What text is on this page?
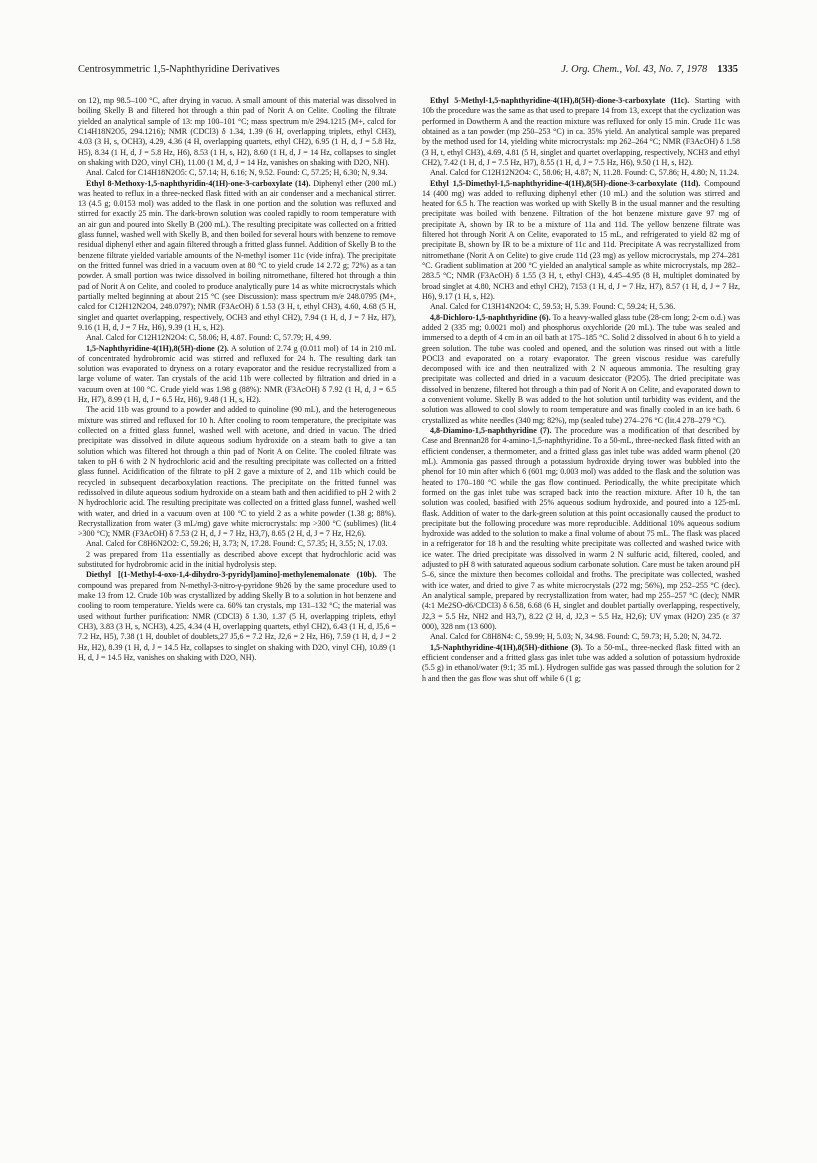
Centrosymmetric 1,5-Naphthyridine Derivatives	J. Org. Chem., Vol. 43, No. 7, 1978 1335

on 12), mp 98.5–100 °C, after drying in vacuo. A small amount of this material was dissolved in boiling Skelly B and filtered hot through a thin pad of Norit A on Celite. Cooling the filtrate yielded an analytical sample of 13: mp 100–101 °C; mass spectrum m/e 294.1215 (M+, calcd for C14H18N2O5, 294.1216); NMR (CDCl3) δ 1.34, 1.39 (6 H, overlapping triplets, ethyl CH3), 4.03 (3 H, s, OCH3), 4.29, 4.36 (4 H, overlapping quartets, ethyl CH2), 6.95 (1 H, d, J = 5.8 Hz, H5), 8.34 (1 H, d, J = 5.8 Hz, H6), 8.53 (1 H, s, H2), 8.60 (1 H, d, J = 14 Hz, collapses to singlet on shaking with D2O, vinyl CH), 11.00 (1 M, d, J = 14 Hz, vanishes on shaking with D2O, NH).

Anal. Calcd for C14H18N2O5: C, 57.14; H, 6.16; N, 9.52. Found: C, 57.25; H, 6.30; N, 9.34.

Ethyl 8-Methoxy-1,5-naphthyridin-4(1H)-one-3-carboxylate (14). Diphenyl ether (200 mL) was heated to reflux in a three-necked flask fitted with an air condenser and a mechanical stirrer. 13 (4.5 g; 0.0153 mol) was added to the flask in one portion and the solution was refluxed and stirred for exactly 25 min. The dark-brown solution was cooled rapidly to room temperature with an air gun and poured into Skelly B (200 mL). The resulting precipitate was collected on a fritted glass funnel, washed well with Skelly B, and then boiled for several hours with benzene to remove residual diphenyl ether and again filtered through a fritted glass funnel. Addition of Skelly B to the benzene filtrate yielded variable amounts of the N-methyl isomer 11c (vide infra). The precipitate on the fritted funnel was dried in a vacuum oven at 80 °C to yield crude 14 2.72 g; 72%) as a tan powder. A small portion was twice dissolved in boiling nitromethane, filtered hot through a thin pad of Norit A on Celite, and cooled to produce analytically pure 14 as white microcrystals which partially melted beginning at about 215 °C (see Discussion): mass spectrum m/e 248.0795 (M+, calcd for C12H12N2O4, 248.0797); NMR (F3AcOH) δ 1.53 (3 H, t, ethyl CH3), 4.60, 4.68 (5 H, singlet and quartet overlapping, respectively, OCH3 and ethyl CH2), 7.94 (1 H, d, J = 7 Hz, H7), 9.16 (1 H, d, J = 7 Hz, H6), 9.39 (1 H, s, H2).

Anal. Calcd for C12H12N2O4: C, 58.06; H, 4.87. Found: C, 57.79; H, 4.99.

1,5-Naphthyridine-4(1H),8(5H)-dione (2). A solution of 2.74 g (0.011 mol) of 14 in 210 mL of concentrated hydrobromic acid was stirred and refluxed for 24 h. The resulting dark tan solution was evaporated to dryness on a rotary evaporator and the residue recrystallized from a large volume of water. Tan crystals of the acid 11b were collected by filtration and dried in a vacuum oven at 100 °C. Crude yield was 1.98 g (88%): NMR (F3AcOH) δ 7.92 (1 H, d, J = 6.5 Hz, H7), 8.99 (1 H, d, J = 6.5 Hz, H6), 9.48 (1 H, s, H2).

The acid 11b was ground to a powder and added to quinoline (90 mL), and the heterogeneous mixture was stirred and refluxed for 10 h. After cooling to room temperature, the precipitate was collected on a fritted glass funnel, washed well with acetone, and dried in vacuo. The dried precipitate was dissolved in dilute aqueous sodium hydroxide on a steam bath to give a tan solution which was filtered hot through a thin pad of Norit A on Celite. The cooled filtrate was taken to pH 6 with 2 N hydrochloric acid and the resulting precipitate was collected on a fritted glass funnel. Acidification of the filtrate to pH 2 gave a mixture of 2, and 11b which could be recycled in subsequent decarboxylation reactions. The precipitate on the fritted funnel was redissolved in dilute aqueous sodium hydroxide on a steam bath and then acidified to pH 2 with 2 N hydrochloric acid. The resulting precipitate was collected on a fritted glass funnel, washed well with water, and dried in a vacuum oven at 100 °C to yield 2 as a white powder (1.38 g; 88%). Recrystallization from water (3 mL/mg) gave white microcrystals: mp >300 °C (sublimes) (lit.4 >300 °C); NMR (F3AcOH) δ 7.53 (2 H, d, J = 7 Hz, H3,7), 8.65 (2 H, d, J = 7 Hz, H2,6).

Anal. Calcd for C8H6N2O2: C, 59.26; H, 3.73; N, 17.28. Found: C, 57.35; H, 3.55; N, 17.03.

2 was prepared from 11a essentially as described above except that hydrochloric acid was substituted for hydrobromic acid in the initial hydrolysis step.

Diethyl [(1-Methyl-4-oxo-1,4-dihydro-3-pyridyl)amino]-methylenemalonate (10b). The compound was prepared from N-methyl-3-nitro-γ-pyridone 9b26 by the same procedure used to make 13 from 12. Crude 10b was crystallized by adding Skelly B to a solution in hot benzene and cooling to room temperature. Yields were ca. 60% tan crystals, mp 131–132 °C; the material was used without further purification: NMR (CDCl3) δ 1.30, 1.37 (5 H, overlapping triplets, ethyl CH3), 3.83 (3 H, s, NCH3), 4.25, 4.34 (4 H, overlapping quartets, ethyl CH2), 6.43 (1 H, d, J5,6 = 7.2 Hz, H5), 7.38 (1 H, doublet of doublets,27 J5,6 = 7.2 Hz, J2,6 = 2 Hz, H6), 7.59 (1 H, d, J = 2 Hz, H2), 8.39 (1 H, d, J = 14.5 Hz, collapses to singlet on shaking with D2O, vinyl CH), 10.89 (1 H, d, J = 14.5 Hz, vanishes on shaking with D2O, NH).

Ethyl 5-Methyl-1,5-naphthyridine-4(1H),8(5H)-dione-3-carboxylate (11c). Starting with 10b the procedure was the same as that used to prepare 14 from 13, except that the cyclization was performed in Dowtherm A and the reaction mixture was refluxed for only 15 min. Crude 11c was obtained as a tan powder (mp 250–253 °C) in ca. 35% yield. An analytical sample was prepared by the method used for 14, yielding white microcrystals: mp 262–264 °C; NMR (F3AcOH) δ 1.58 (3 H, t, ethyl CH3), 4.69, 4.81 (5 H, singlet and quartet overlapping, respectively, NCH3 and ethyl CH2), 7.42 (1 H, d, J = 7.5 Hz, H7), 8.55 (1 H, d, J = 7.5 Hz, H6), 9.50 (1 H, s, H2).

Anal. Calcd for C12H12N2O4: C, 58.06; H, 4.87; N, 11.28. Found: C, 57.86; H, 4.80; N, 11.24.

Ethyl 1,5-Dimethyl-1,5-naphthyridine-4(1H),8(5H)-dione-3-carboxylate (11d). Compound 14 (400 mg) was added to refluxing diphenyl ether (10 mL) and the solution was stirred and heated for 6.5 h. The reaction was worked up with Skelly B in the usual manner and the resulting precipitate was boiled with benzene. Filtration of the hot benzene mixture gave 97 mg of precipitate A, shown by IR to be a mixture of 11a and 11d. The yellow benzene filtrate was filtered hot through Norit A on Celite, evaporated to 15 mL, and refrigerated to yield 82 mg of precipitate B, shown by IR to be a mixture of 11c and 11d. Precipitate A was recrystallized from nitromethane (Norit A on Celite) to give crude 11d (23 mg) as yellow microcrystals, mp 274–281 °C. Gradient sublimation at 200 °C yielded an analytical sample as white microcrystals, mp 282–283.5 °C; NMR (F3AcOH) δ 1.55 (3 H, t, ethyl CH3), 4.45–4.95 (8 H, multiplet dominated by broad singlet at 4.80, NCH3 and ethyl CH2), 7153 (1 H, d, J = 7 Hz, H7), 8.57 (1 H, d, J = 7 Hz, H6), 9.17 (1 H, s, H2).

Anal. Calcd for C13H14N2O4: C, 59.53; H, 5.39. Found: C, 59.24; H, 5.36.

4,8-Dichloro-1,5-naphthyridine (6). To a heavy-walled glass tube (28-cm long; 2-cm o.d.) was added 2 (335 mg; 0.0021 mol) and phosphorus oxychloride (20 mL). The tube was sealed and immersed to a depth of 4 cm in an oil bath at 175–185 °C. Solid 2 dissolved in about 6 h to yield a green solution. The tube was cooled and opened, and the solution was rinsed out with a little POCl3 and evaporated on a rotary evaporator. The green viscous residue was carefully decomposed with ice and then neutralized with 2 N aqueous ammonia. The resulting gray precipitate was collected and dried in a vacuum desiccator (P2O5). The dried precipitate was dissolved in benzene, filtered hot through a thin pad of Norit A on Celite, and evaporated down to a convenient volume. Skelly B was added to the hot solution until turbidity was evident, and the solution was allowed to cool slowly to room temperature and was finally cooled in an ice bath. 6 crystallized as white needles (340 mg; 82%), mp (sealed tube) 274–276 °C (lit.4 278–279 °C).

4,8-Diamino-1,5-naphthyridine (7). The procedure was a modification of that described by Case and Brennan28 for 4-amino-1,5-naphthyridine. To a 50-mL, three-necked flask fitted with an efficient condenser, a thermometer, and a fritted glass gas inlet tube was added warm phenol (20 mL). Ammonia gas passed through a potassium hydroxide drying tower was bubbled into the phenol for 10 min after which 6 (601 mg; 0.003 mol) was added to the flask and the solution was heated to 170–180 °C while the gas flow continued. Periodically, the white precipitate which formed on the gas inlet tube was scraped back into the reaction mixture. After 10 h, the tan solution was cooled, basified with 25% aqueous sodium hydroxide, and poured into a 125-mL flask. Addition of water to the dark-green solution at this point occasionally caused the product to precipitate but the following procedure was more reproducible. Additional 10% aqueous sodium hydroxide was added to the solution to make a final volume of about 75 mL. The flask was placed in a refrigerator for 18 h and the resulting white precipitate was collected and washed twice with ice water. The dried precipitate was dissolved in warm 2 N sulfuric acid, filtered, cooled, and adjusted to pH 8 with saturated aqueous sodium carbonate solution. Care must be taken around pH 5–6, since the mixture then becomes colloidal and froths. The precipitate was collected, washed with ice water, and dried to give 7 as white microcrystals (272 mg; 56%), mp 252–255 °C (dec). An analytical sample, prepared by recrystallization from water, had mp 255–257 °C (dec); NMR (4:1 Me2SO-d6/CDCl3) δ 6.58, 6.68 (6 H, singlet and doublet partially overlapping, respectively, J2,3 = 5.5 Hz, NH2 and H3,7), 8.22 (2 H, d, J2,3 = 5.5 Hz, H2,6); UV γmax (H2O) 235 (ε 37 000), 328 nm (13 600).

Anal. Calcd for C8H8N4: C, 59.99; H, 5.03; N, 34.98. Found: C, 59.73; H, 5.20; N, 34.72.

1,5-Naphthyridine-4(1H),8(5H)-dithione (3). To a 50-mL, three-necked flask fitted with an efficient condenser and a fritted glass gas inlet tube was added a solution of potassium hydroxide (5.5 g) in ethanol/water (9:1; 35 mL). Hydrogen sulfide gas was passed through the solution for 2 h and then the gas flow was shut off while 6 (1 g;
